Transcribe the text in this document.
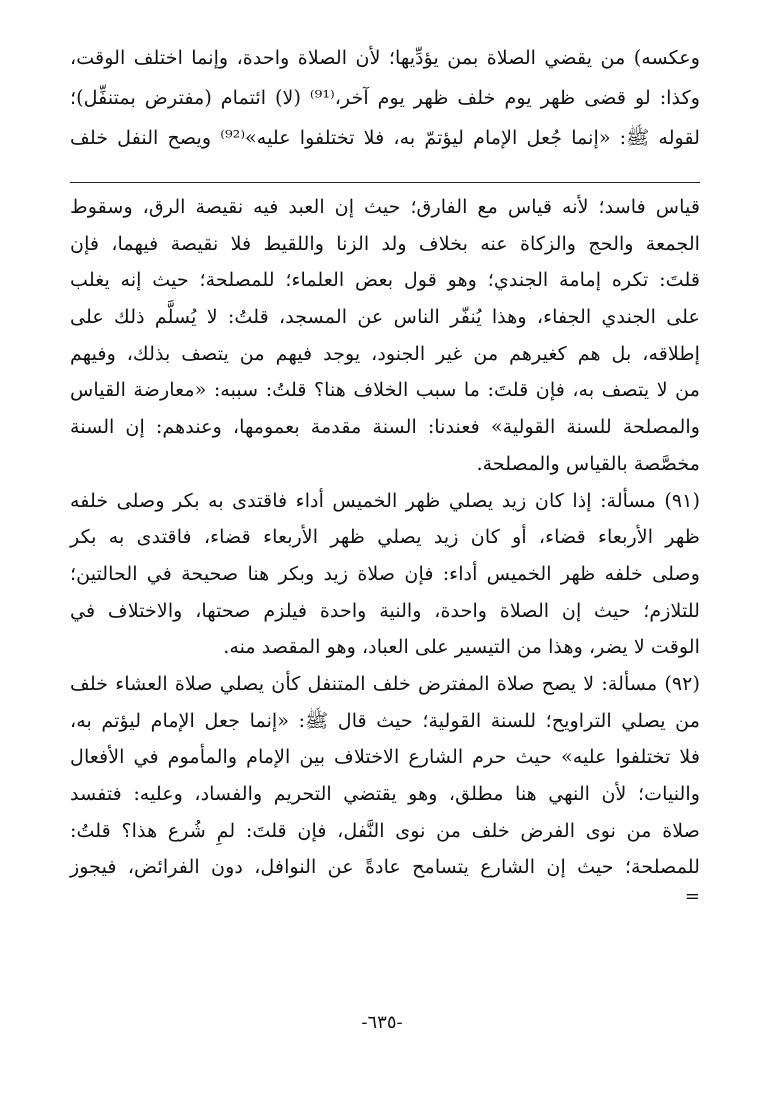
وعكسه) من يقضي الصلاة بمن يؤدِّيها؛ لأن الصلاة واحدة، وإنما اختلف الوقت،
وكذا: لو قضى ظهر يوم خلف ظهر يوم آخر،⁽⁹¹⁾ (لا) ائتمام (مفترض بمتنفِّل)؛
لقوله ﷺ: «إنما جُعل الإمام ليؤتمّ به، فلا تختلفوا عليه»⁽⁹²⁾ ويصح النفل خلف
قياس فاسد؛ لأنه قياس مع الفارق؛ حيث إن العبد فيه نقيصة الرق، وسقوط
الجمعة والحج والزكاة عنه بخلاف ولد الزنا واللقيط فلا نقيصة فيهما، فإن
قلتَ: تكره إمامة الجندي؛ وهو قول بعض العلماء؛ للمصلحة؛ حيث إنه يغلب
على الجندي الجفاء، وهذا يُنفّر الناس عن المسجد، قلتُ: لا يُسلَّم ذلك على
إطلاقه، بل هم كغيرهم من غير الجنود، يوجد فيهم من يتصف بذلك، وفيهم
من لا يتصف به، فإن قلتَ: ما سبب الخلاف هنا؟ قلتُ: سببه: «معارضة القياس
والمصلحة للسنة القولية» فعندنا: السنة مقدمة بعمومها، وعندهم: إن السنة
مخصَّصة بالقياس والمصلحة.
(٩١) مسألة: إذا كان زيد يصلي ظهر الخميس أداء فاقتدى به بكر وصلى خلفه
ظهر الأربعاء قضاء، أو كان زيد يصلي ظهر الأربعاء قضاء، فاقتدى به بكر
وصلى خلفه ظهر الخميس أداء: فإن صلاة زيد وبكر هنا صحيحة في الحالتين؛
للتلازم؛ حيث إن الصلاة واحدة، والنية واحدة فيلزم صحتها، والاختلاف في
الوقت لا يضر، وهذا من التيسير على العباد، وهو المقصد منه.
(٩٢) مسألة: لا يصح صلاة المفترض خلف المتنفل كأن يصلي صلاة العشاء خلف
من يصلي التراويح؛ للسنة القولية؛ حيث قال ﷺ: «إنما جعل الإمام ليؤتم به،
فلا تختلفوا عليه» حيث حرم الشارع الاختلاف بين الإمام والمأموم في الأفعال
والنيات؛ لأن النهي هنا مطلق، وهو يقتضي التحريم والفساد، وعليه: فتفسد
صلاة من نوى الفرض خلف من نوى النَّفل، فإن قلتَ: لمِ شُرع هذا؟ قلتُ:
للمصلحة؛ حيث إن الشارع يتسامح عادةً عن النوافل، دون الفرائض، فيجوز
=
-٦٣٥-
